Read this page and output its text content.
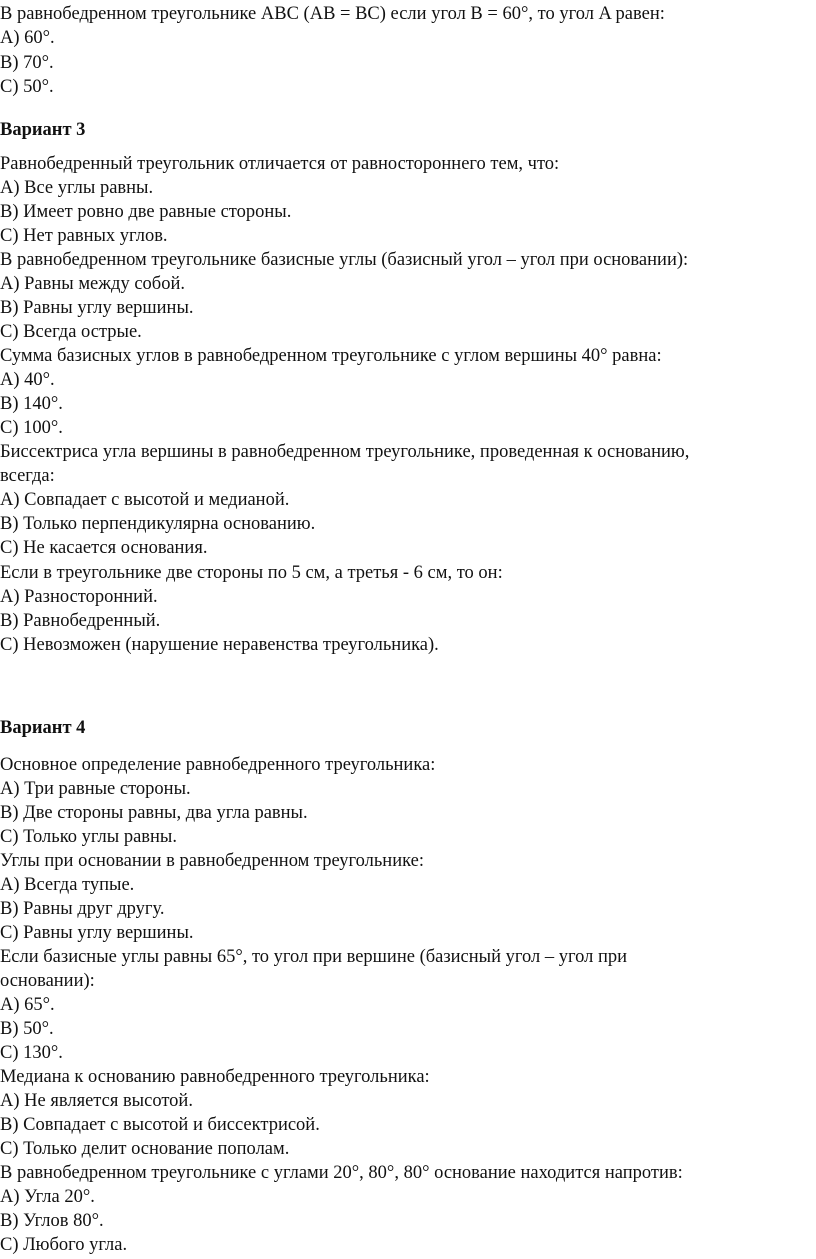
В равнобедренном треугольнике ABC (AB = BC) если угол B = 60°, то угол A равен:
A) 60°.
B) 70°.
C) 50°.
Вариант 3
Равнобедренный треугольник отличается от равностороннего тем, что:
A) Все углы равны.
B) Имеет ровно две равные стороны.
C) Нет равных углов.
В равнобедренном треугольнике базисные углы (базисный угол – угол при основании):
A) Равны между собой.
B) Равны углу вершины.
C) Всегда острые.
Сумма базисных углов в равнобедренном треугольнике с углом вершины 40° равна:
A) 40°.
B) 140°.
C) 100°.
Биссектриса угла вершины в равнобедренном треугольнике, проведенная к основанию,
всегда:
A) Совпадает с высотой и медианой.
B) Только перпендикулярна основанию.
C) Не касается основания.
Если в треугольнике две стороны по 5 см, а третья - 6 см, то он:
A) Разносторонний.
B) Равнобедренный.
C) Невозможен (нарушение неравенства треугольника).
Вариант 4
Основное определение равнобедренного треугольника:
A) Три равные стороны.
B) Две стороны равны, два угла равны.
C) Только углы равны.
Углы при основании в равнобедренном треугольнике:
A) Всегда тупые.
B) Равны друг другу.
C) Равны углу вершины.
Если базисные углы равны 65°, то угол при вершине (базисный угол – угол при
основании):
A) 65°.
B) 50°.
C) 130°.
Медиана к основанию равнобедренного треугольника:
A) Не является высотой.
B) Совпадает с высотой и биссектрисой.
C) Только делит основание пополам.
В равнобедренном треугольнике с углами 20°, 80°, 80° основание находится напротив:
A) Угла 20°.
B) Углов 80°.
C) Любого угла.
